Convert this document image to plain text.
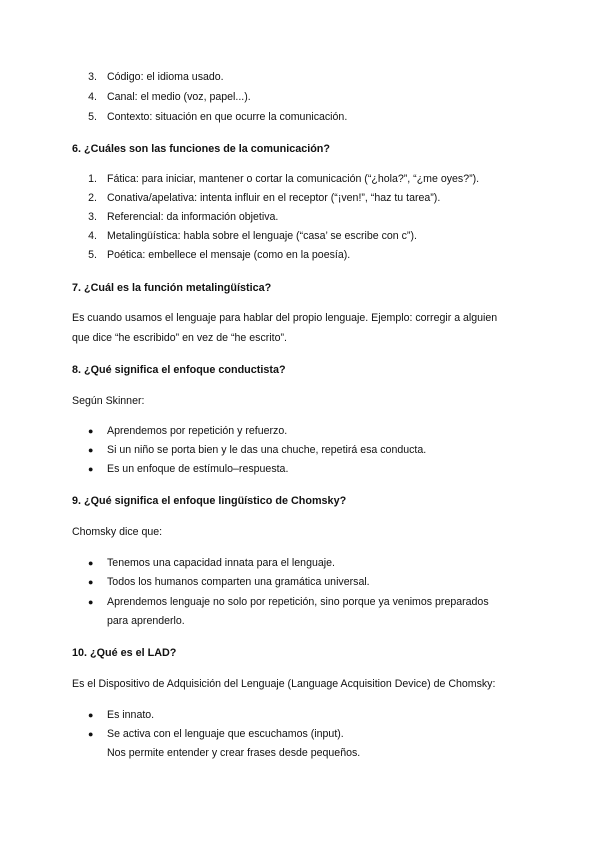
3. Código: el idioma usado.
4. Canal: el medio (voz, papel...).
5. Contexto: situación en que ocurre la comunicación.
6. ¿Cuáles son las funciones de la comunicación?
1. Fática: para iniciar, mantener o cortar la comunicación (“¿hola?”, “¿me oyes?”).
2. Conativa/apelativa: intenta influir en el receptor (“¡ven!”, “haz tu tarea”).
3. Referencial: da información objetiva.
4. Metalingüística: habla sobre el lenguaje (“casa’ se escribe con c”).
5. Poética: embellece el mensaje (como en la poesía).
7. ¿Cuál es la función metalingüística?
Es cuando usamos el lenguaje para hablar del propio lenguaje. Ejemplo: corregir a alguien
que dice “he escribido” en vez de “he escrito”.
8. ¿Qué significa el enfoque conductista?
Según Skinner:
● Aprendemos por repetición y refuerzo.
● Si un niño se porta bien y le das una chuche, repetirá esa conducta.
● Es un enfoque de estímulo–respuesta.
9. ¿Qué significa el enfoque lingüístico de Chomsky?
Chomsky dice que:
● Tenemos una capacidad innata para el lenguaje.
● Todos los humanos comparten una gramática universal.
● Aprendemos lenguaje no solo por repetición, sino porque ya venimos preparados
para aprenderlo.
10. ¿Qué es el LAD?
Es el Dispositivo de Adquisición del Lenguaje (Language Acquisition Device) de Chomsky:
● Es innato.
● Se activa con el lenguaje que escuchamos (input).
Nos permite entender y crear frases desde pequeños.
